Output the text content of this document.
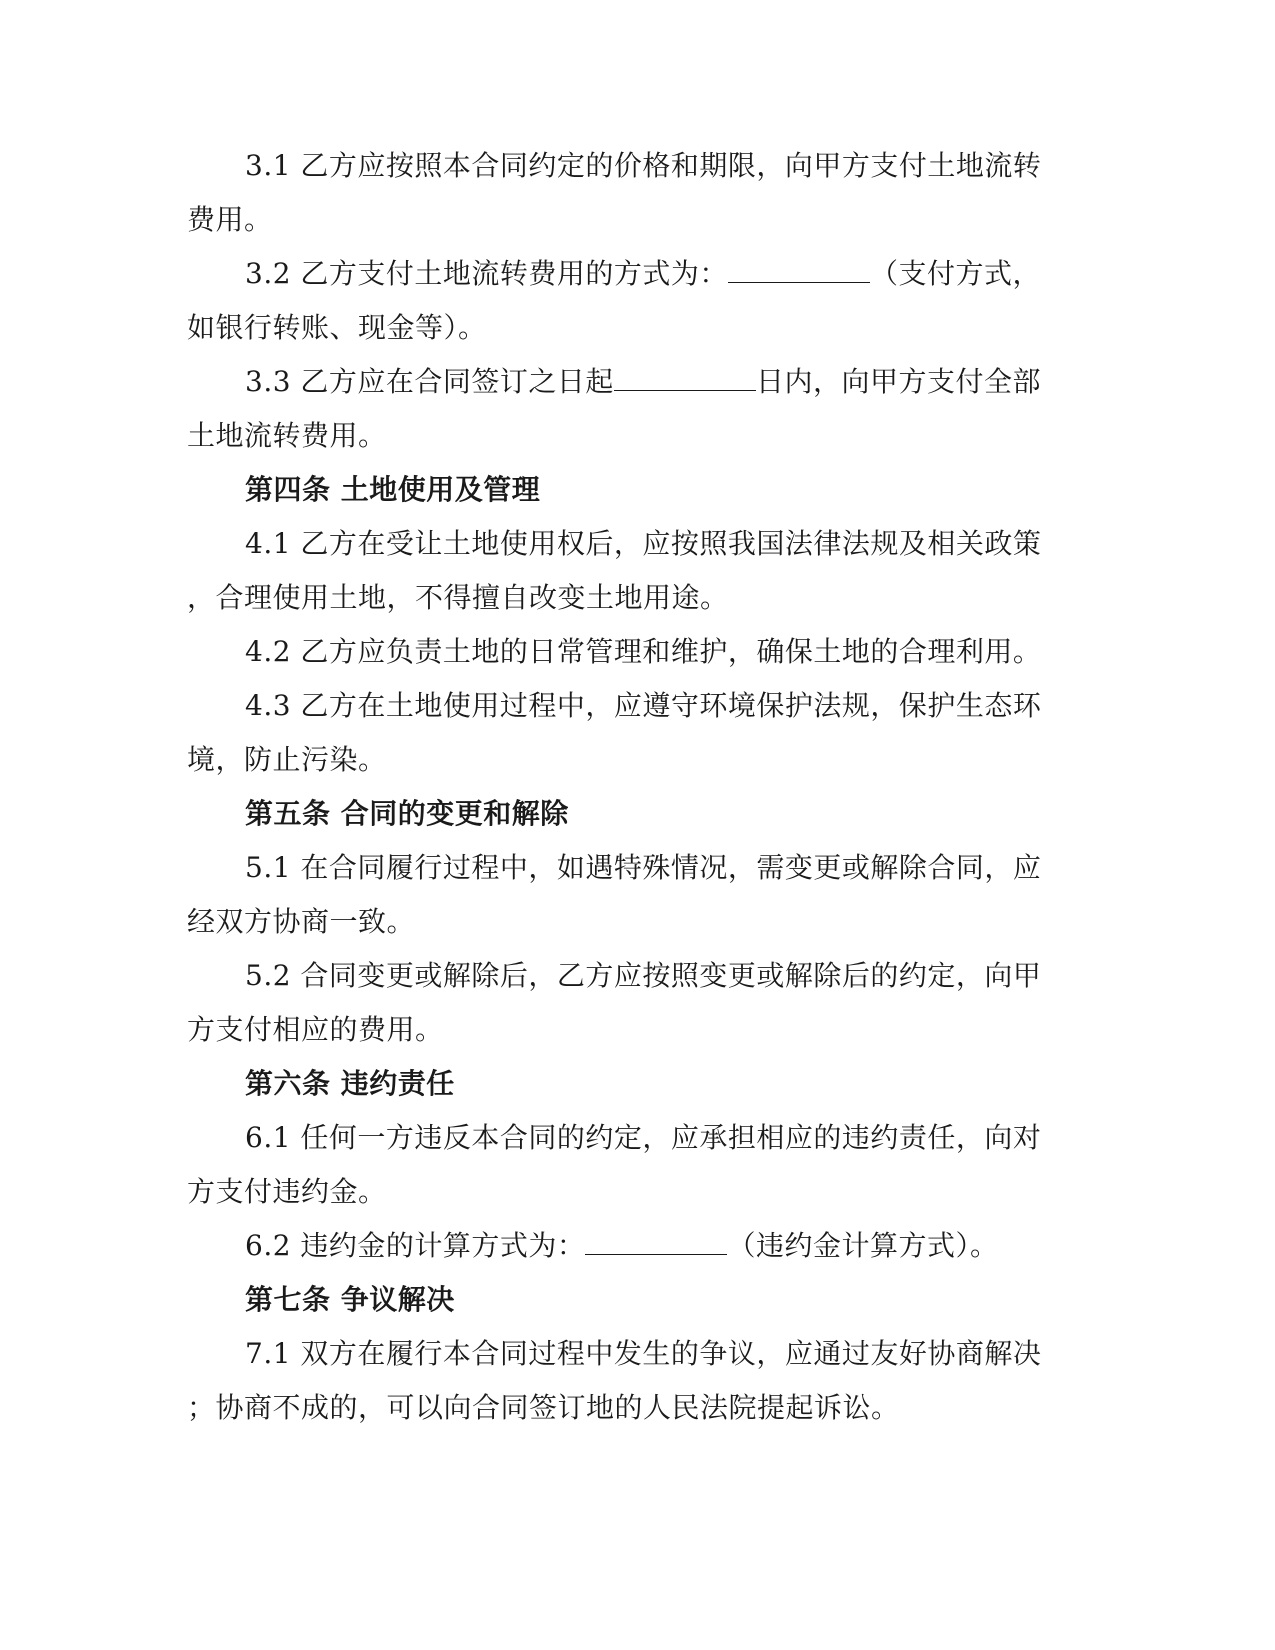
3.1 乙方应按照本合同约定的价格和期限，向甲方支付土地流转
费用。
3.2 乙方支付土地流转费用的方式为：	（支付方式，
如银行转账、现金等）。
3.3 乙方应在合同签订之日起	日内，向甲方支付全部
土地流转费用。
第四条 土地使用及管理
4.1 乙方在受让土地使用权后，应按照我国法律法规及相关政策
，合理使用土地，不得擅自改变土地用途。
4.2 乙方应负责土地的日常管理和维护，确保土地的合理利用。
4.3 乙方在土地使用过程中，应遵守环境保护法规，保护生态环
境，防止污染。
第五条 合同的变更和解除
5.1 在合同履行过程中，如遇特殊情况，需变更或解除合同，应
经双方协商一致。
5.2 合同变更或解除后，乙方应按照变更或解除后的约定，向甲
方支付相应的费用。
第六条 违约责任
6.1 任何一方违反本合同的约定，应承担相应的违约责任，向对
方支付违约金。
6.2 违约金的计算方式为：	（违约金计算方式）。
第七条 争议解决
7.1 双方在履行本合同过程中发生的争议，应通过友好协商解决
；协商不成的，可以向合同签订地的人民法院提起诉讼。
